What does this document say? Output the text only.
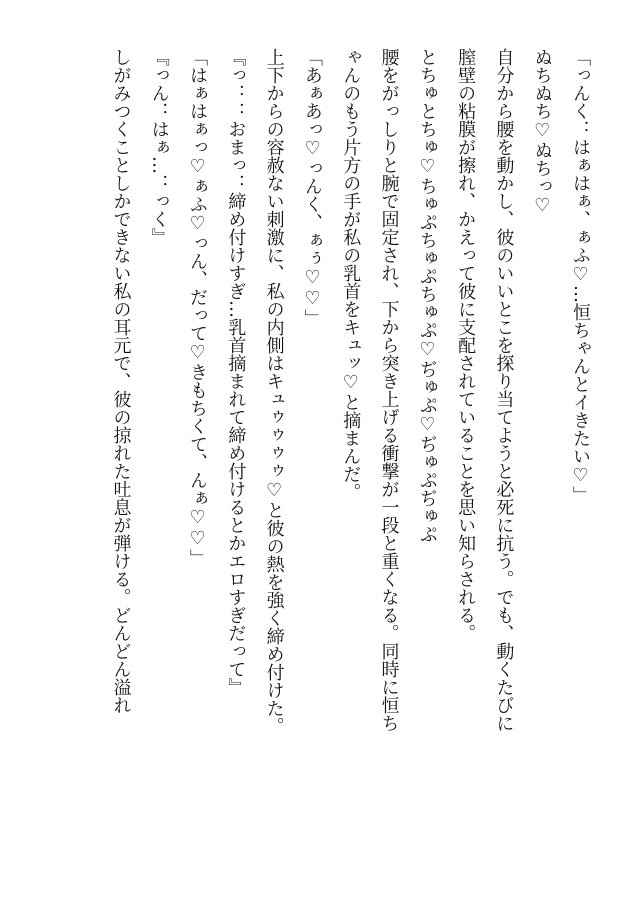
「っんく：はぁはぁ、ぁふ♡…恒ちゃんとイきたい♡」

ぬちぬち♡ぬちっ♡

自分から腰を動かし、彼のいいとこを探り当てようと必死に抗う。でも、動くたびに

膣壁の粘膜が擦れ、かえって彼に支配されていることを思い知らされる。

とちゅとちゅ♡ちゅぷちゅぷちゅぷ♡ぢゅぷ♡ぢゅぷぢゅぷ

腰をがっしりと腕で固定され、下から突き上げる衝撃が一段と重くなる。同時に恒ち

ゃんのもう片方の手が私の乳首をキュッ♡と摘まんだ。

「あぁあっ♡っんく、ぁぅ♡♡」

上下からの容赦ない刺激に、私の内側はキュゥゥゥゥ♡と彼の熱を強く締め付けた。

『っ：：おまっ：締め付けすぎ…乳首摘まれて締め付けるとかエロすぎだって』

「はぁはぁっ♡ぁふ♡っん、だって♡きもちくて、んぁ♡♡」

『っん：はぁ…：っく』

しがみつくことしかできない私の耳元で、彼の掠れた吐息が弾ける。どんどん溢れ
